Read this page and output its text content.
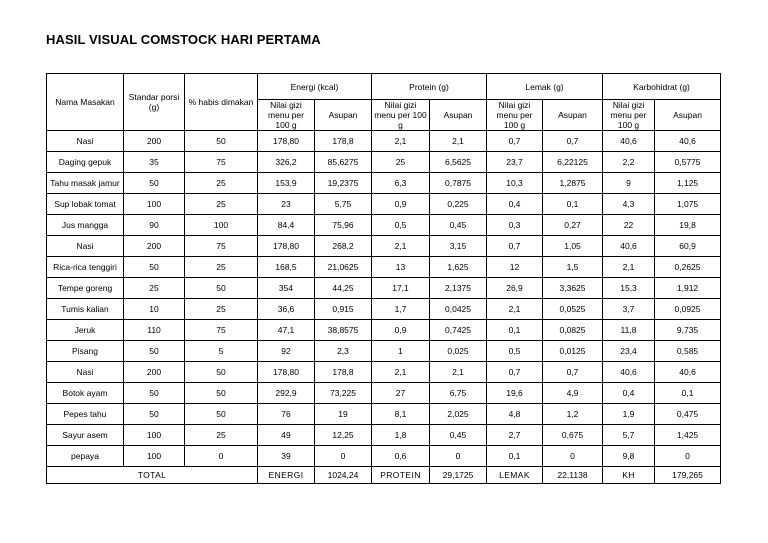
HASIL VISUAL COMSTOCK HARI PERTAMA
Nama Masakan	Standar porsi (g)	% habis dimakan	Energi (kcal)		Protein (g)		Lemak (g)		Karbohidrat (g)	
			Nilai gizi menu per 100 g	Asupan	Nilai gizi menu per 100 g	Asupan	Nilai gizi menu per 100 g	Asupan	Nilai gizi menu per 100 g	Asupan
Nasi	200	50	178,80	178,8	2,1	2,1	0,7	0,7	40,6	40,6
Daging gepuk	35	75	326,2	85,6275	25	6,5625	23,7	6,22125	2,2	0,5775
Tahu masak jamur	50	25	153,9	19,2375	6,3	0,7875	10,3	1,2875	9	1,125
Sup lobak tomat	100	25	23	5,75	0,9	0,225	0,4	0,1	4,3	1,075
Jus mangga	90	100	84,4	75,96	0,5	0,45	0,3	0,27	22	19,8
Nasi	200	75	178,80	268,2	2,1	3,15	0,7	1,05	40,6	60,9
Rica-rica tenggiri	50	25	168,5	21,0625	13	1,625	12	1,5	2,1	0,2625
Tempe goreng	25	50	354	44,25	17,1	2,1375	26,9	3,3625	15,3	1,912
Tumis kalian	10	25	36,6	0,915	1,7	0,0425	2,1	0,0525	3,7	0,0925
Jeruk	110	75	47,1	38,8575	0,9	0,7425	0,1	0,0825	11,8	9,735
Pisang	50	5	92	2,3	1	0,025	0,5	0,0125	23,4	0,585
Nasi	200	50	178,80	178,8	2,1	2,1	0,7	0,7	40,6	40,6
Botok ayam	50	50	292,9	73,225	27	6,75	19,6	4,9	0,4	0,1
Pepes tahu	50	50	76	19	8,1	2,025	4,8	1,2	1,9	0,475
Sayur asem	100	25	49	12,25	1,8	0,45	2,7	0,675	5,7	1,425
pepaya	100	0	39	0	0,6	0	0,1	0	9,8	0
TOTAL			ENERGI	1024,24	PROTEIN	29,1725	LEMAK	22,1138	KH	179,265
